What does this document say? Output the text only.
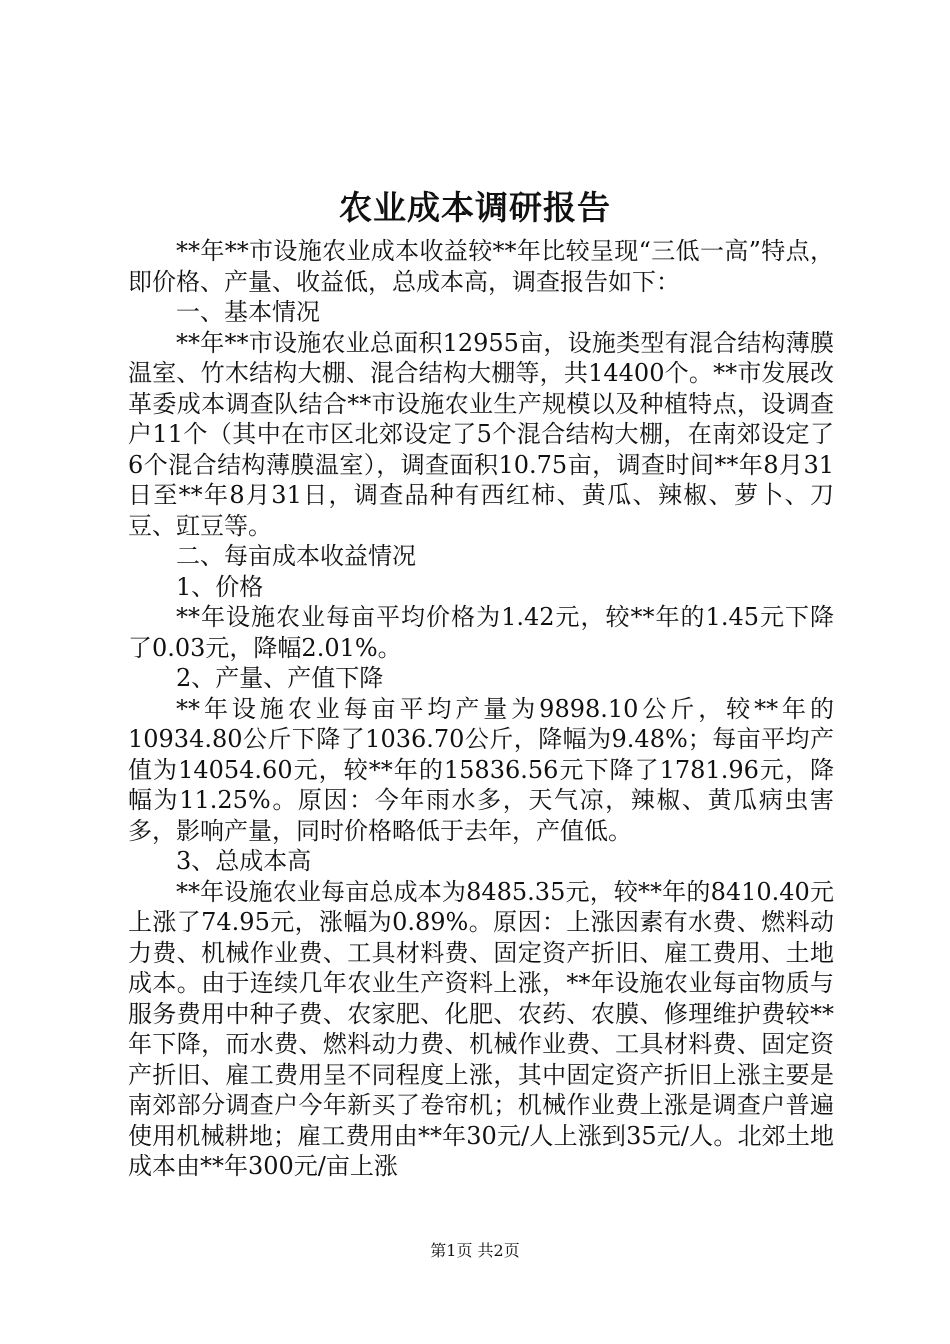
农业成本调研报告

**年**市设施农业成本收益较**年比较呈现“三低一高”特点，即价格、产量、收益低，总成本高，调查报告如下：

一、基本情况

**年**市设施农业总面积12955亩，设施类型有混合结构薄膜温室、竹木结构大棚、混合结构大棚等，共14400个。**市发展改革委成本调查队结合**市设施农业生产规模以及种植特点，设调查户11个（其中在市区北郊设定了5个混合结构大棚，在南郊设定了6个混合结构薄膜温室），调查面积10.75亩，调查时间**年8月31日至**年8月31日，调查品种有西红柿、黄瓜、辣椒、萝卜、刀豆、豇豆等。

二、每亩成本收益情况

1、价格

**年设施农业每亩平均价格为1.42元，较**年的1.45元下降了0.03元，降幅2.01%。

2、产量、产值下降

**年设施农业每亩平均产量为9898.10公斤，较**年的10934.80公斤下降了1036.70公斤，降幅为9.48%；每亩平均产值为14054.60元，较**年的15836.56元下降了1781.96元，降幅为11.25%。原因：今年雨水多，天气凉，辣椒、黄瓜病虫害多，影响产量，同时价格略低于去年，产值低。

3、总成本高

**年设施农业每亩总成本为8485.35元，较**年的8410.40元上涨了74.95元，涨幅为0.89%。原因：上涨因素有水费、燃料动力费、机械作业费、工具材料费、固定资产折旧、雇工费用、土地成本。由于连续几年农业生产资料上涨，**年设施农业每亩物质与服务费用中种子费、农家肥、化肥、农药、农膜、修理维护费较**年下降，而水费、燃料动力费、机械作业费、工具材料费、固定资产折旧、雇工费用呈不同程度上涨，其中固定资产折旧上涨主要是南郊部分调查户今年新买了卷帘机；机械作业费上涨是调查户普遍使用机械耕地；雇工费用由**年30元/人上涨到35元/人。北郊土地成本由**年300元/亩上涨

第1页 共2页
